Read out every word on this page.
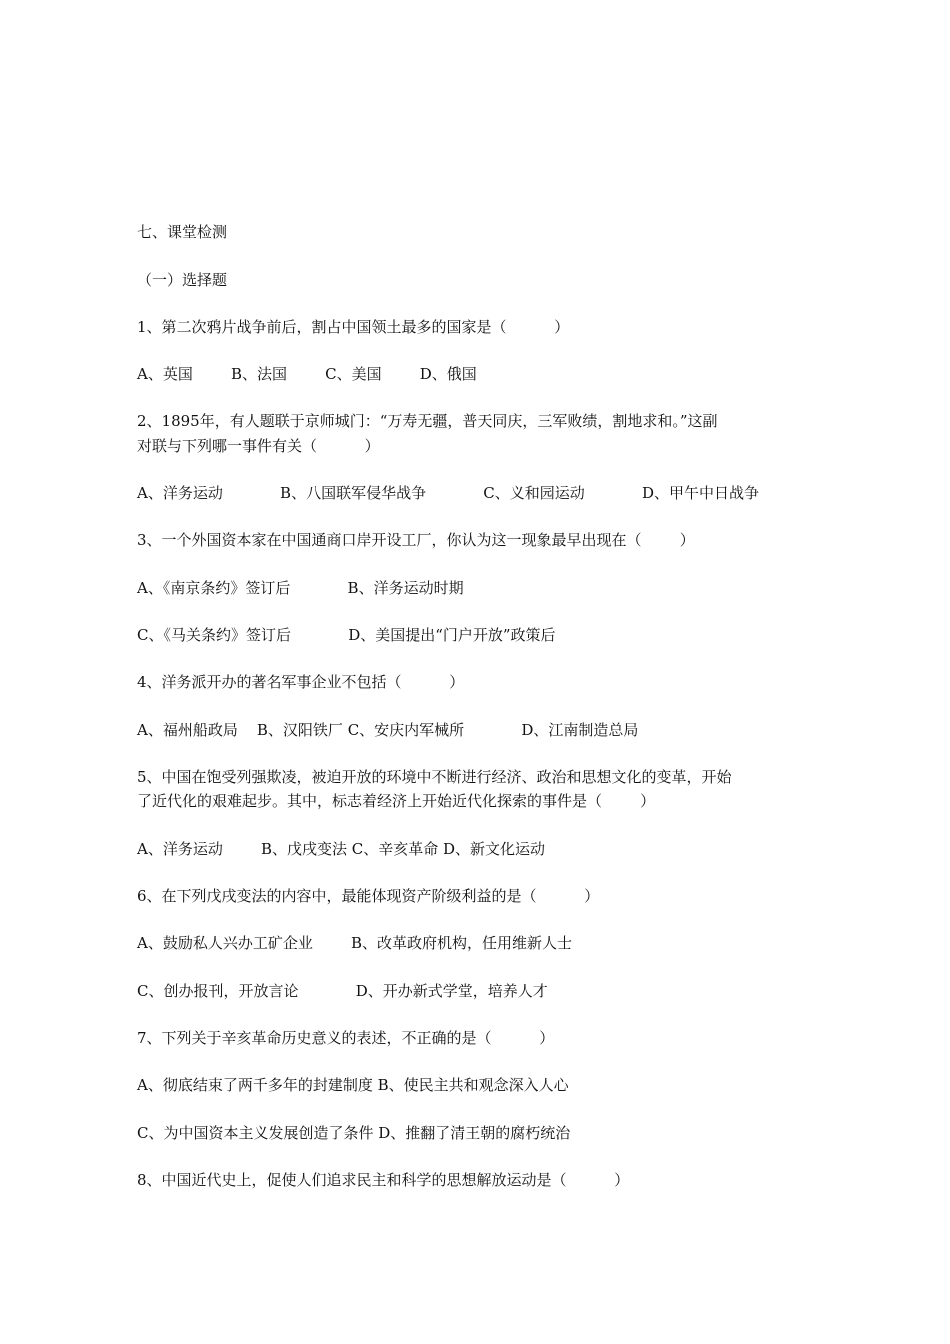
七、课堂检测

（一）选择题

1、第二次鸦片战争前后，割占中国领土最多的国家是（          ）

A、英国        B、法国        C、美国        D、俄国

2、1895年，有人题联于京师城门：“万寿无疆，普天同庆，三军败绩，割地求和。”这副

对联与下列哪一事件有关（          ）

A、洋务运动            B、八国联军侵华战争            C、义和园运动            D、甲午中日战争

3、一个外国资本家在中国通商口岸开设工厂，你认为这一现象最早出现在（        ）

A、《南京条约》签订后            B、洋务运动时期

C、《马关条约》签订后            D、美国提出“门户开放”政策后

4、洋务派开办的著名军事企业不包括（          ）

A、福州船政局    B、汉阳铁厂 C、安庆内军械所            D、江南制造总局

5、中国在饱受列强欺凌，被迫开放的环境中不断进行经济、政治和思想文化的变革，开始

了近代化的艰难起步。其中，标志着经济上开始近代化探索的事件是（        ）

A、洋务运动        B、戊戌变法 C、辛亥革命 D、新文化运动

6、在下列戊戌变法的内容中，最能体现资产阶级利益的是（          ）

A、鼓励私人兴办工矿企业        B、改革政府机构，任用维新人士

C、创办报刊，开放言论            D、开办新式学堂，培养人才

7、下列关于辛亥革命历史意义的表述，不正确的是（          ）

A、彻底结束了两千多年的封建制度 B、使民主共和观念深入人心

C、为中国资本主义发展创造了条件 D、推翻了清王朝的腐朽统治

8、中国近代史上，促使人们追求民主和科学的思想解放运动是（          ）
